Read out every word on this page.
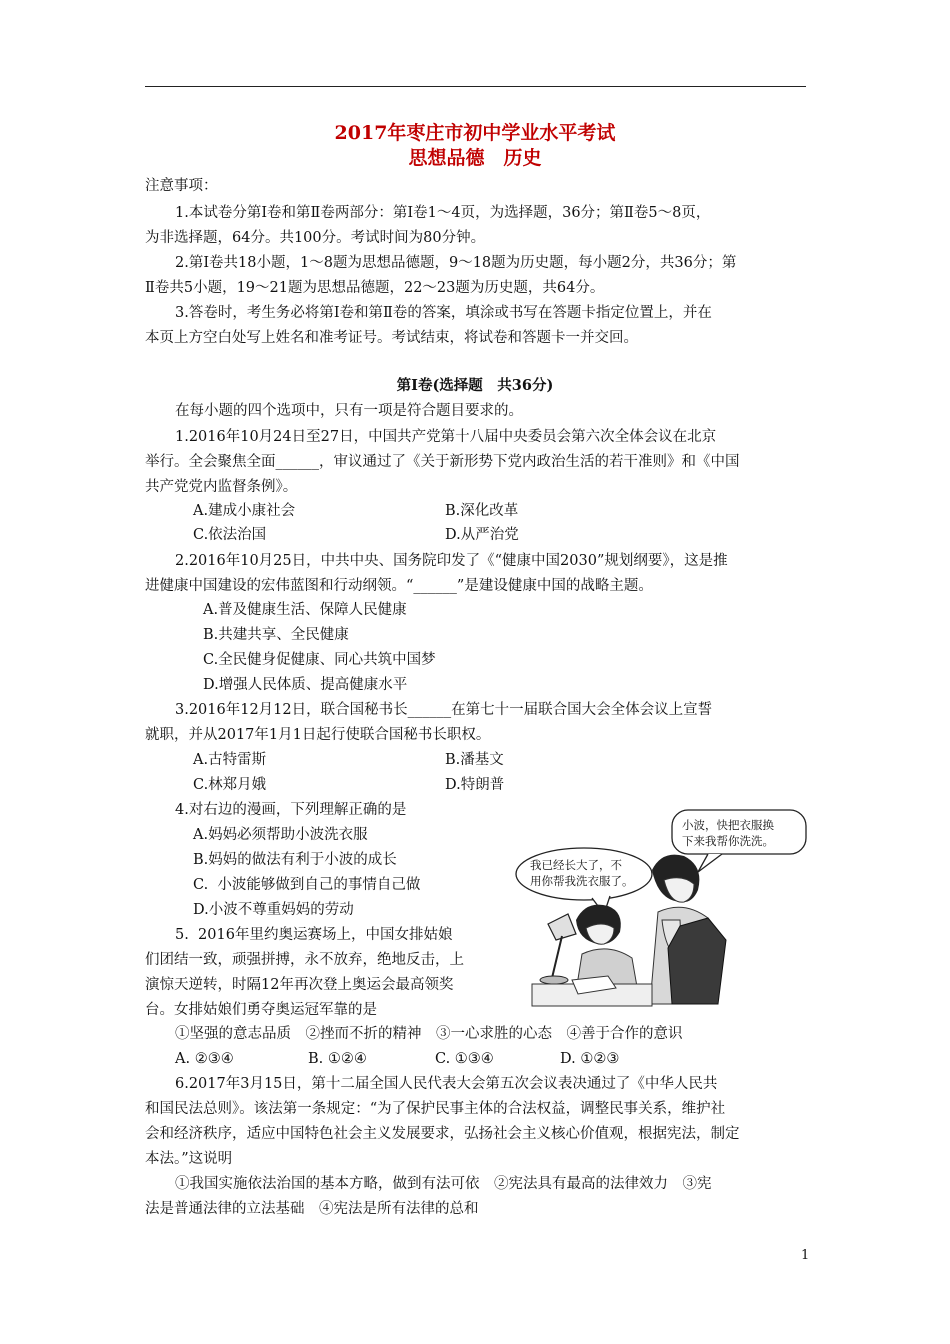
2017年枣庄市初中学业水平考试
思想品德　历史
注意事项：
1.本试卷分第Ⅰ卷和第Ⅱ卷两部分：第Ⅰ卷1～4页，为选择题，36分；第Ⅱ卷5～8页，
为非选择题，64分。共100分。考试时间为80分钟。
2.第Ⅰ卷共18小题，1～8题为思想品德题，9～18题为历史题，每小题2分，共36分；第
Ⅱ卷共5小题，19～21题为思想品德题，22～23题为历史题，共64分。
3.答卷时，考生务必将第Ⅰ卷和第Ⅱ卷的答案，填涂或书写在答题卡指定位置上，并在
本页上方空白处写上姓名和准考证号。考试结束，将试卷和答题卡一并交回。
第Ⅰ卷(选择题　共36分)
在每小题的四个选项中，只有一项是符合题目要求的。
1.2016年10月24日至27日，中国共产党第十八届中央委员会第六次全体会议在北京
举行。全会聚焦全面______，审议通过了《关于新形势下党内政治生活的若干准则》和《中国
共产党党内监督条例》。
A.建成小康社会	B.深化改革
C.依法治国	D.从严治党
2.2016年10月25日，中共中央、国务院印发了《“健康中国2030”规划纲要》，这是推
进健康中国建设的宏伟蓝图和行动纲领。“______”是建设健康中国的战略主题。
A.普及健康生活、保障人民健康
B.共建共享、全民健康
C.全民健身促健康、同心共筑中国梦
D.增强人民体质、提高健康水平
3.2016年12月12日，联合国秘书长______在第七十一届联合国大会全体会议上宣誓
就职，并从2017年1月1日起行使联合国秘书长职权。
A.古特雷斯	B.潘基文
C.林郑月娥	D.特朗普
4.对右边的漫画，下列理解正确的是
A.妈妈必须帮助小波洗衣服
B.妈妈的做法有利于小波的成长
C.  小波能够做到自己的事情自己做
D.小波不尊重妈妈的劳动
小波，快把衣服换
下来我帮你洗洗。
我已经长大了，不
用你帮我洗衣服了。
5.  2016年里约奥运赛场上，中国女排姑娘
们团结一致，顽强拼搏，永不放弃，绝地反击，上
演惊天逆转，时隔12年再次登上奥运会最高领奖
台。女排姑娘们勇夺奥运冠军靠的是
①坚强的意志品质　②挫而不折的精神　③一心求胜的心态　④善于合作的意识
A. ②③④	B. ①②④	C. ①③④	D. ①②③
6.2017年3月15日，第十二届全国人民代表大会第五次会议表决通过了《中华人民共
和国民法总则》。该法第一条规定：“为了保护民事主体的合法权益，调整民事关系，维护社
会和经济秩序，适应中国特色社会主义发展要求，弘扬社会主义核心价值观，根据宪法，制定
本法。”这说明
①我国实施依法治国的基本方略，做到有法可依　②宪法具有最高的法律效力　③宪
法是普通法律的立法基础　④宪法是所有法律的总和
1
